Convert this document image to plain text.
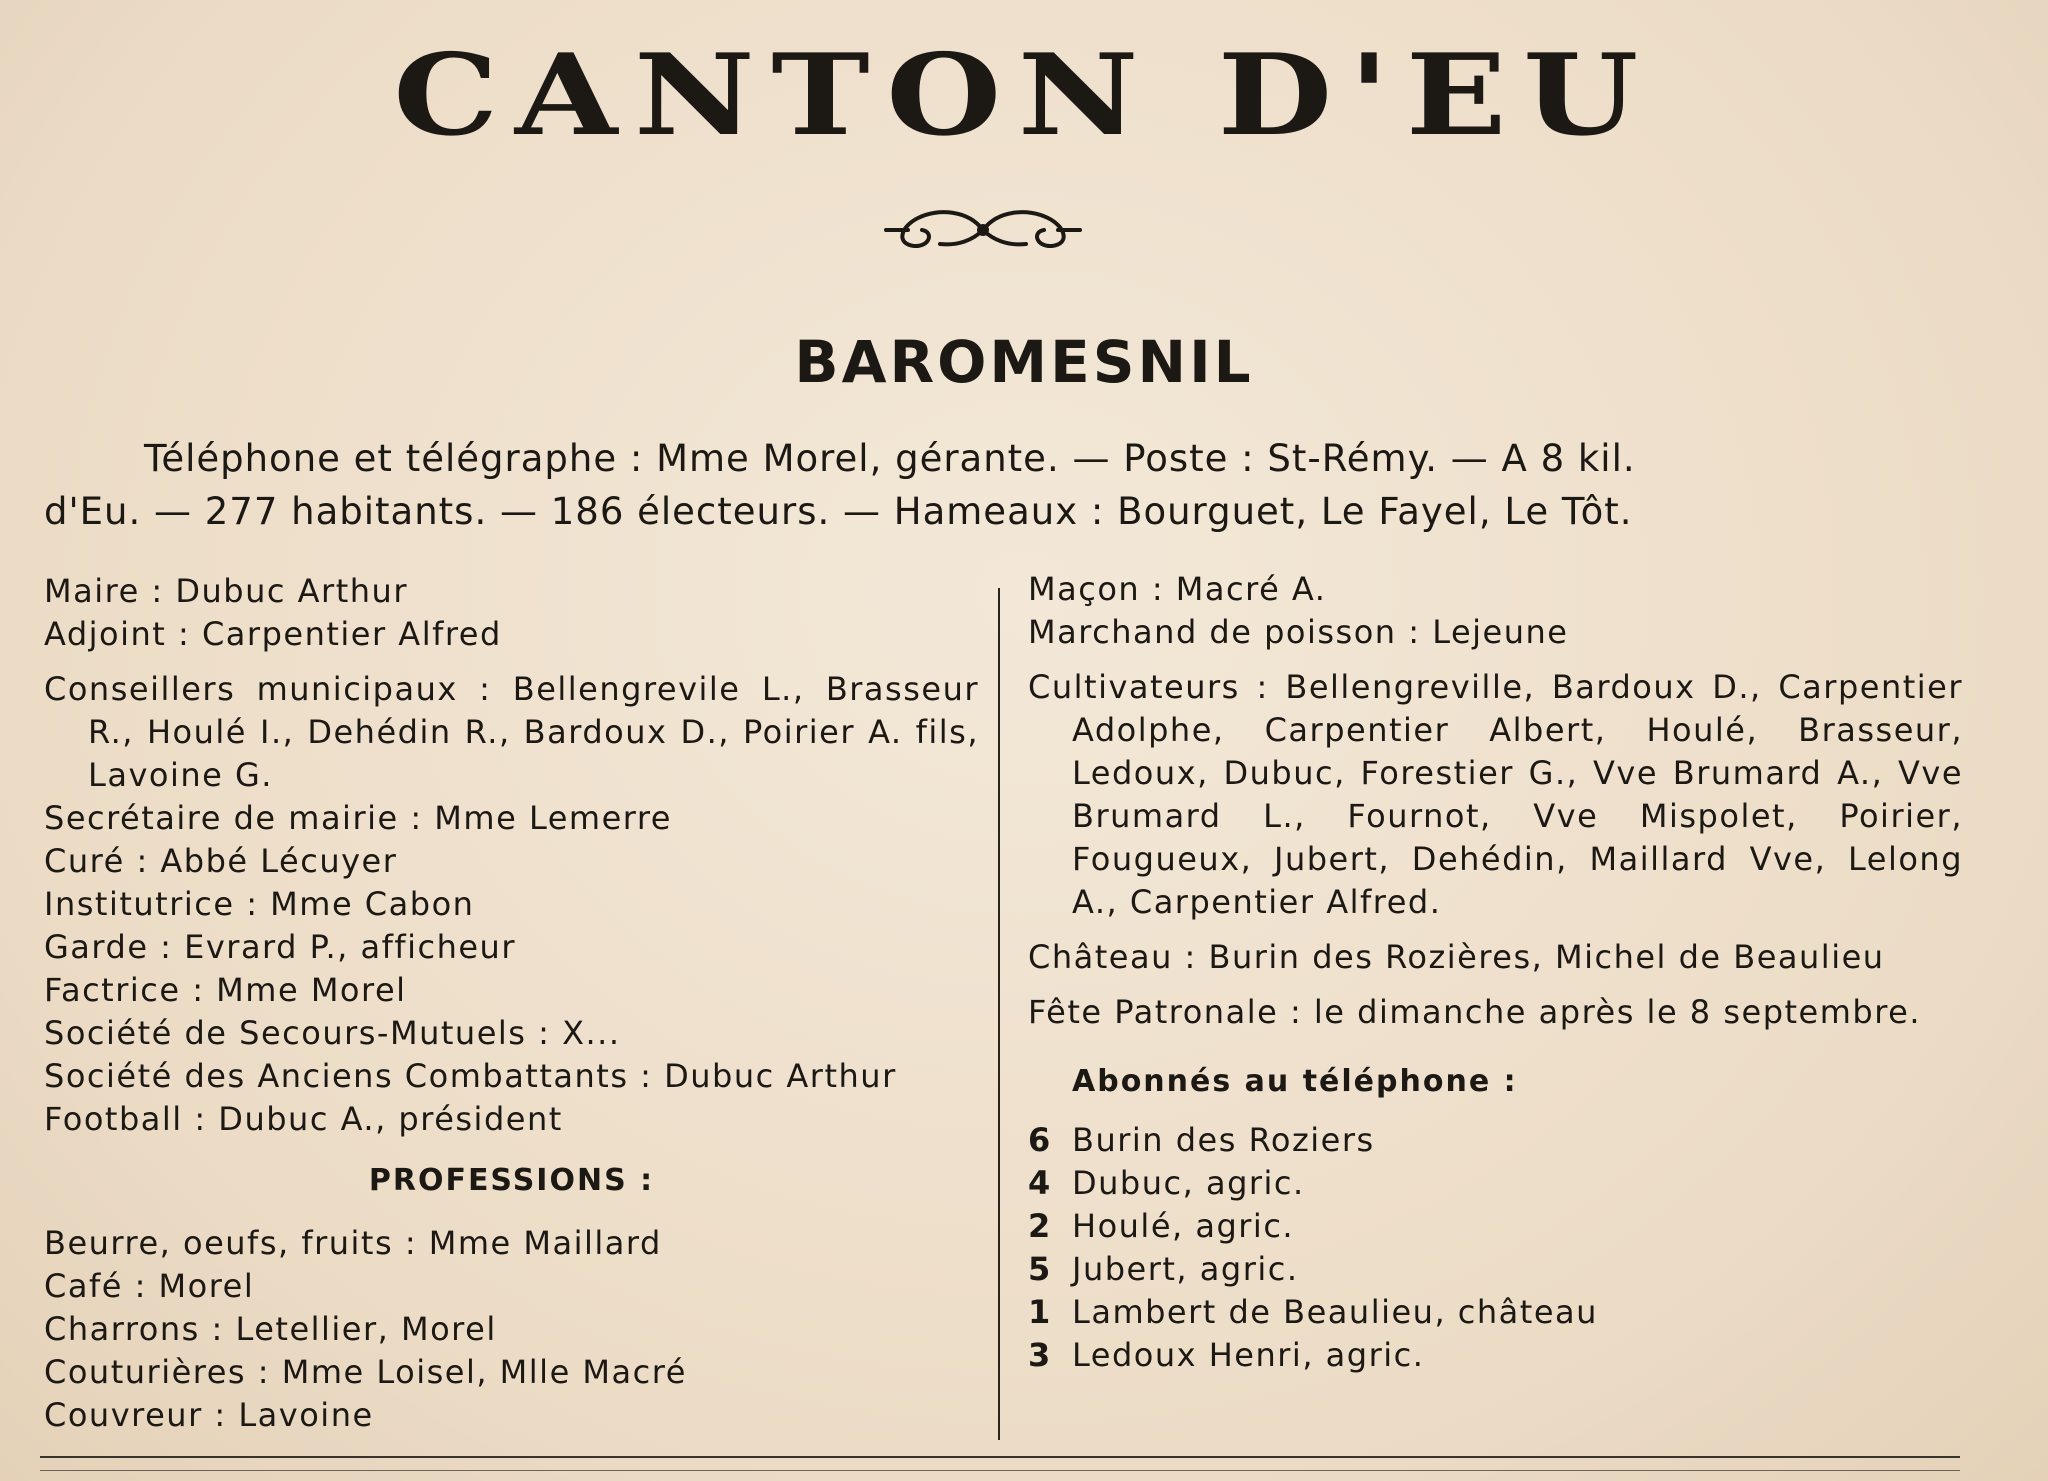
CANTON D'EU
BAROMESNIL
Téléphone et télégraphe : Mme Morel, gérante. — Poste : St-Rémy. — A 8 kil.
d'Eu. — 277 habitants. — 186 électeurs. — Hameaux : Bourguet, Le Fayel, Le Tôt.
Maire : Dubuc Arthur
Adjoint : Carpentier Alfred
Conseillers municipaux : Bellengrevile L., Brasseur R., Houlé I., Dehédin R., Bardoux D., Poirier A. fils, Lavoine G.
Secrétaire de mairie : Mme Lemerre
Curé : Abbé Lécuyer
Institutrice : Mme Cabon
Garde : Evrard P., afficheur
Factrice : Mme Morel
Société de Secours-Mutuels : X...
Société des Anciens Combattants : Dubuc Arthur
Football : Dubuc A., président
PROFESSIONS :
Beurre, oeufs, fruits : Mme Maillard
Café : Morel
Charrons : Letellier, Morel
Couturières : Mme Loisel, Mlle Macré
Couvreur : Lavoine
Maçon : Macré A.
Marchand de poisson : Lejeune
Cultivateurs : Bellengreville, Bardoux D., Carpentier Adolphe, Carpentier Albert, Houlé, Brasseur, Ledoux, Dubuc, Forestier G., Vve Brumard A., Vve Brumard L., Fournot, Vve Mispolet, Poirier, Fougueux, Jubert, Dehédin, Maillard Vve, Lelong A., Carpentier Alfred.
Château : Burin des Rozières, Michel de Beaulieu
Fête Patronale : le dimanche après le 8 septembre.
Abonnés au téléphone :
6 Burin des Roziers
4 Dubuc, agric.
2 Houlé, agric.
5 Jubert, agric.
1 Lambert de Beaulieu, château
3 Ledoux Henri, agric.
